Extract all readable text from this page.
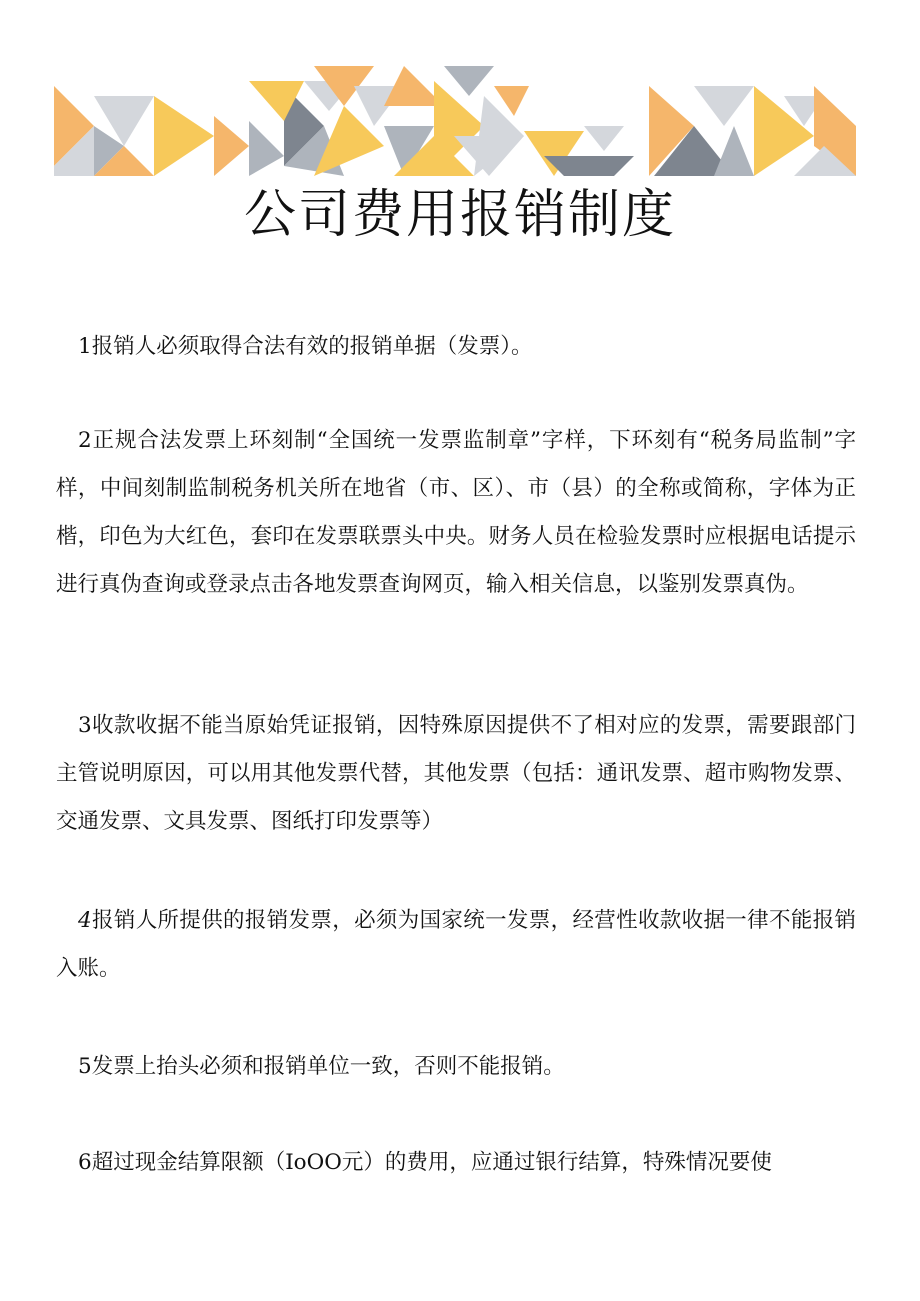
公司费用报销制度

1报销人必须取得合法有效的报销单据（发票）。

2正规合法发票上环刻制“全国统一发票监制章”字样，下环刻有“税务局监制”字样，中间刻制监制税务机关所在地省（市、区）、市（县）的全称或简称，字体为正楷，印色为大红色，套印在发票联票头中央。财务人员在检验发票时应根据电话提示进行真伪查询或登录点击各地发票查询网页，输入相关信息，以鉴别发票真伪。

3收款收据不能当原始凭证报销，因特殊原因提供不了相对应的发票，需要跟部门主管说明原因，可以用其他发票代替，其他发票（包括：通讯发票、超市购物发票、交通发票、文具发票、图纸打印发票等）

4报销人所提供的报销发票，必须为国家统一发票，经营性收款收据一律不能报销入账。

5发票上抬头必须和报销单位一致，否则不能报销。

6超过现金结算限额（IoOO元）的费用，应通过银行结算，特殊情况要使
